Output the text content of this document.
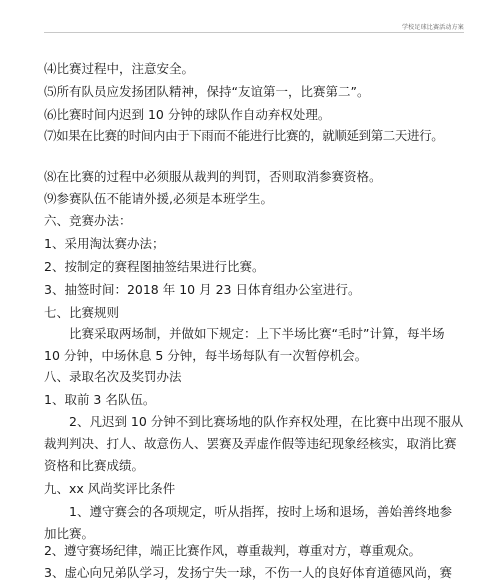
学校足球比赛活动方案

⑷比赛过程中，注意安全。

⑸所有队员应发扬团队精神，保持“友谊第一，比赛第二”。

⑹比赛时间内迟到 10 分钟的球队作自动弃权处理。

⑺如果在比赛的时间内由于下雨而不能进行比赛的，就顺延到第二天进行。

⑻在比赛的过程中必须服从裁判的判罚，否则取消参赛资格。

⑼参赛队伍不能请外援,必须是本班学生。

六、竞赛办法：

1、采用淘汰赛办法；

2、按制定的赛程图抽签结果进行比赛。

3、抽签时间：2018 年 10 月 23 日体育组办公室进行。

七、比赛规则

比赛采取两场制，并做如下规定：上下半场比赛“毛时”计算，每半场 10 分钟，中场休息 5 分钟，每半场每队有一次暂停机会。

八、录取名次及奖罚办法

1、取前 3 名队伍。

2、凡迟到 10 分钟不到比赛场地的队作弃权处理，在比赛中出现不服从裁判判决、打人、故意伤人、罢赛及弄虚作假等违纪现象经核实，取消比赛资格和比赛成绩。

九、xx 风尚奖评比条件

1、遵守赛会的各项规定，听从指挥，按时上场和退场，善始善终地参加比赛。

2、遵守赛场纪律，端正比赛作风，尊重裁判，尊重对方，尊重观众。

3、虚心向兄弟队学习，发扬宁失一球，不伤一人的良好体育道德风尚，赛
